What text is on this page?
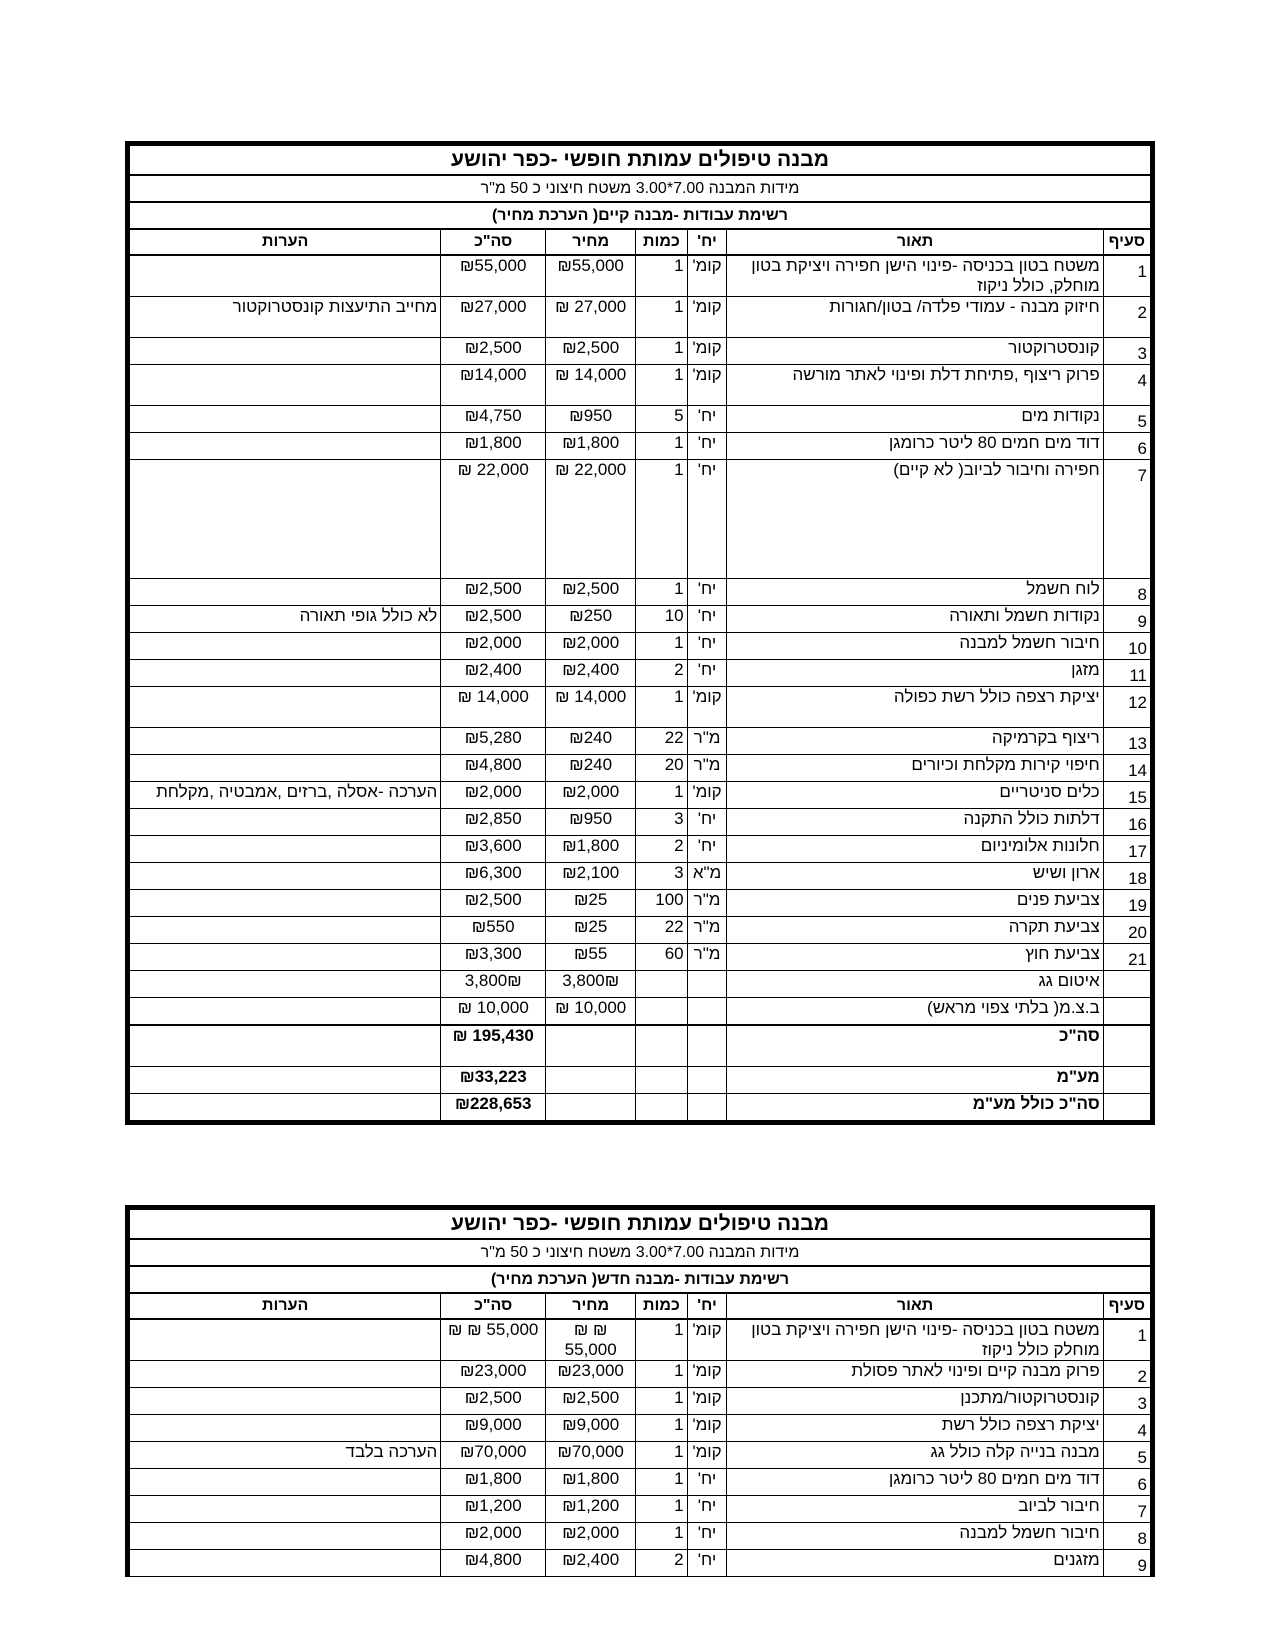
מבנה טיפולים עמותת חופשי -כפר יהושע						
מידות המבנה 7.00*3.00 משטח חיצוני כ 50 מ"ר						
רשימת עבודות -מבנה קיים( הערכת מחיר)						
הערות	סה"כ	מחיר	כמות	יח'	תאור	סעיף
	₪55,000	₪55,000	1	קומ'	משטח בטון בכניסה -פינוי הישן חפירה ויציקת בטון מוחלק, כולל ניקוז	1
מחייב התיעצות קונסטרוקטור	₪27,000	₪ 27,000	1	קומ'	חיזוק מבנה - עמודי פלדה/ בטון/חגורות	2
	₪2,500	₪2,500	1	קומ'	קונסטרוקטור	3
	₪14,000	₪ 14,000	1	קומ'	פרוק ריצוף ,פתיחת דלת ופינוי לאתר מורשה	4
	₪4,750	₪950	5	יח'	נקודות מים	5
	₪1,800	₪1,800	1	יח'	דוד מים חמים 80 ליטר כרומגן	6
	₪ 22,000	₪ 22,000	1	יח'	חפירה וחיבור לביוב( לא קיים)	7
	₪2,500	₪2,500	1	יח'	לוח חשמל	8
לא כולל גופי תאורה	₪2,500	₪250	10	יח'	נקודות חשמל ותאורה	9
	₪2,000	₪2,000	1	יח'	חיבור חשמל למבנה	10
	₪2,400	₪2,400	2	יח'	מזגן	11
	₪ 14,000	₪ 14,000	1	קומ'	יציקת רצפה כולל רשת כפולה	12
	₪5,280	₪240	22	מ"ר	ריצוף בקרמיקה	13
	₪4,800	₪240	20	מ"ר	חיפוי קירות מקלחת וכיורים	14
הערכה -אסלה ,ברזים ,אמבטיה ,מקלחת	₪2,000	₪2,000	1	קומ'	כלים סניטריים	15
	₪2,850	₪950	3	יח'	דלתות כולל התקנה	16
	₪3,600	₪1,800	2	יח'	חלונות אלומיניום	17
	₪6,300	₪2,100	3	מ"א	ארון ושיש	18
	₪2,500	₪25	100	מ"ר	צביעת פנים	19
	₪550	₪25	22	מ"ר	צביעת תקרה	20
	₪3,300	₪55	60	מ"ר	צביעת חוץ	21
	3,800₪	3,800₪			איטום גג	
	₪ 10,000	₪ 10,000			ב.צ.מ( בלתי צפוי מראש)	
	₪ 195,430				סה"כ	
	₪33,223				מע"מ	
	₪228,653				סה"כ כולל מע"מ	
מבנה טיפולים עמותת חופשי -כפר יהושע						
מידות המבנה 7.00*3.00 משטח חיצוני כ 50 מ"ר						
רשימת עבודות -מבנה חדש( הערכת מחיר)						
הערות	סה"כ	מחיר	כמות	יח'	תאור	סעיף
	₪ ₪ 55,000	₪ ₪ 55,000	1	קומ'	משטח בטון בכניסה -פינוי הישן חפירה ויציקת בטון מוחלק כולל ניקוז	1
	₪23,000	₪23,000	1	קומ'	פרוק מבנה קיים ופינוי לאתר פסולת	2
	₪2,500	₪2,500	1	קומ'	קונסטרוקטור/מתכנן	3
	₪9,000	₪9,000	1	קומ'	יציקת רצפה כולל רשת	4
הערכה בלבד	₪70,000	₪70,000	1	קומ'	מבנה בנייה קלה כולל גג	5
	₪1,800	₪1,800	1	יח'	דוד מים חמים 80 ליטר כרומגן	6
	₪1,200	₪1,200	1	יח'	חיבור לביוב	7
	₪2,000	₪2,000	1	יח'	חיבור חשמל למבנה	8
	₪4,800	₪2,400	2	יח'	מזגנים	9
